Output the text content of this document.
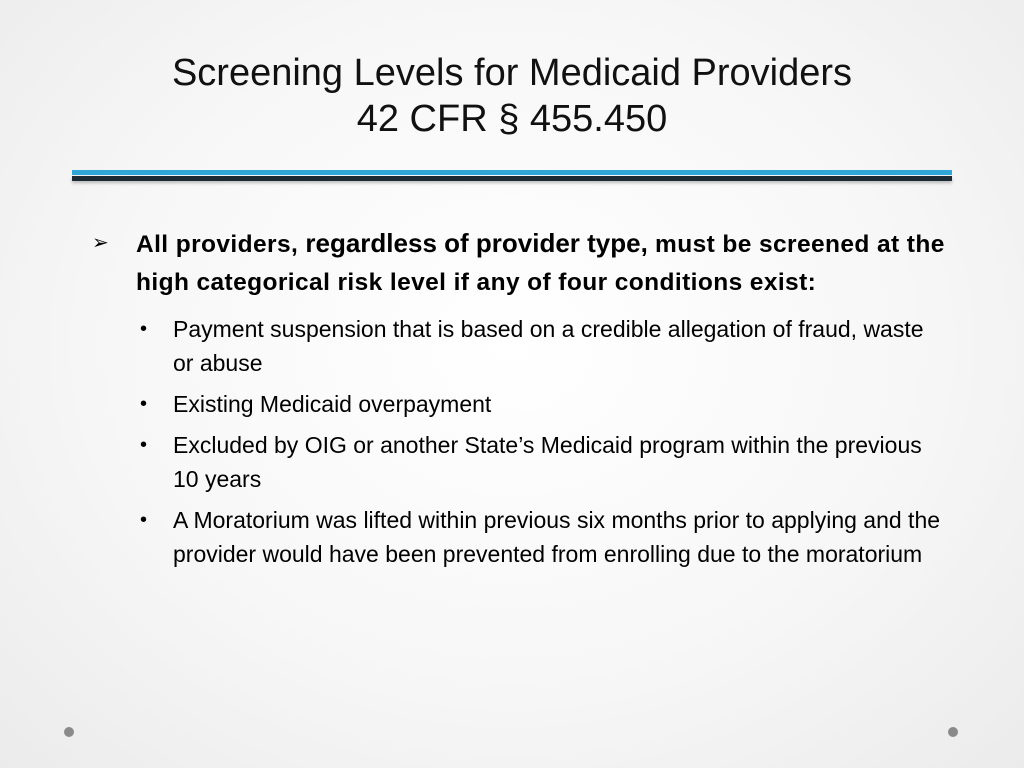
Screening Levels for Medicaid Providers
42 CFR § 455.450
➢ All providers, regardless of provider type, must be screened at the high categorical risk level if any of four conditions exist:
• Payment suspension that is based on a credible allegation of fraud, waste or abuse
• Existing Medicaid overpayment
• Excluded by OIG or another State’s Medicaid program within the previous 10 years
• A Moratorium was lifted within previous six months prior to applying and the provider would have been prevented from enrolling due to the moratorium
